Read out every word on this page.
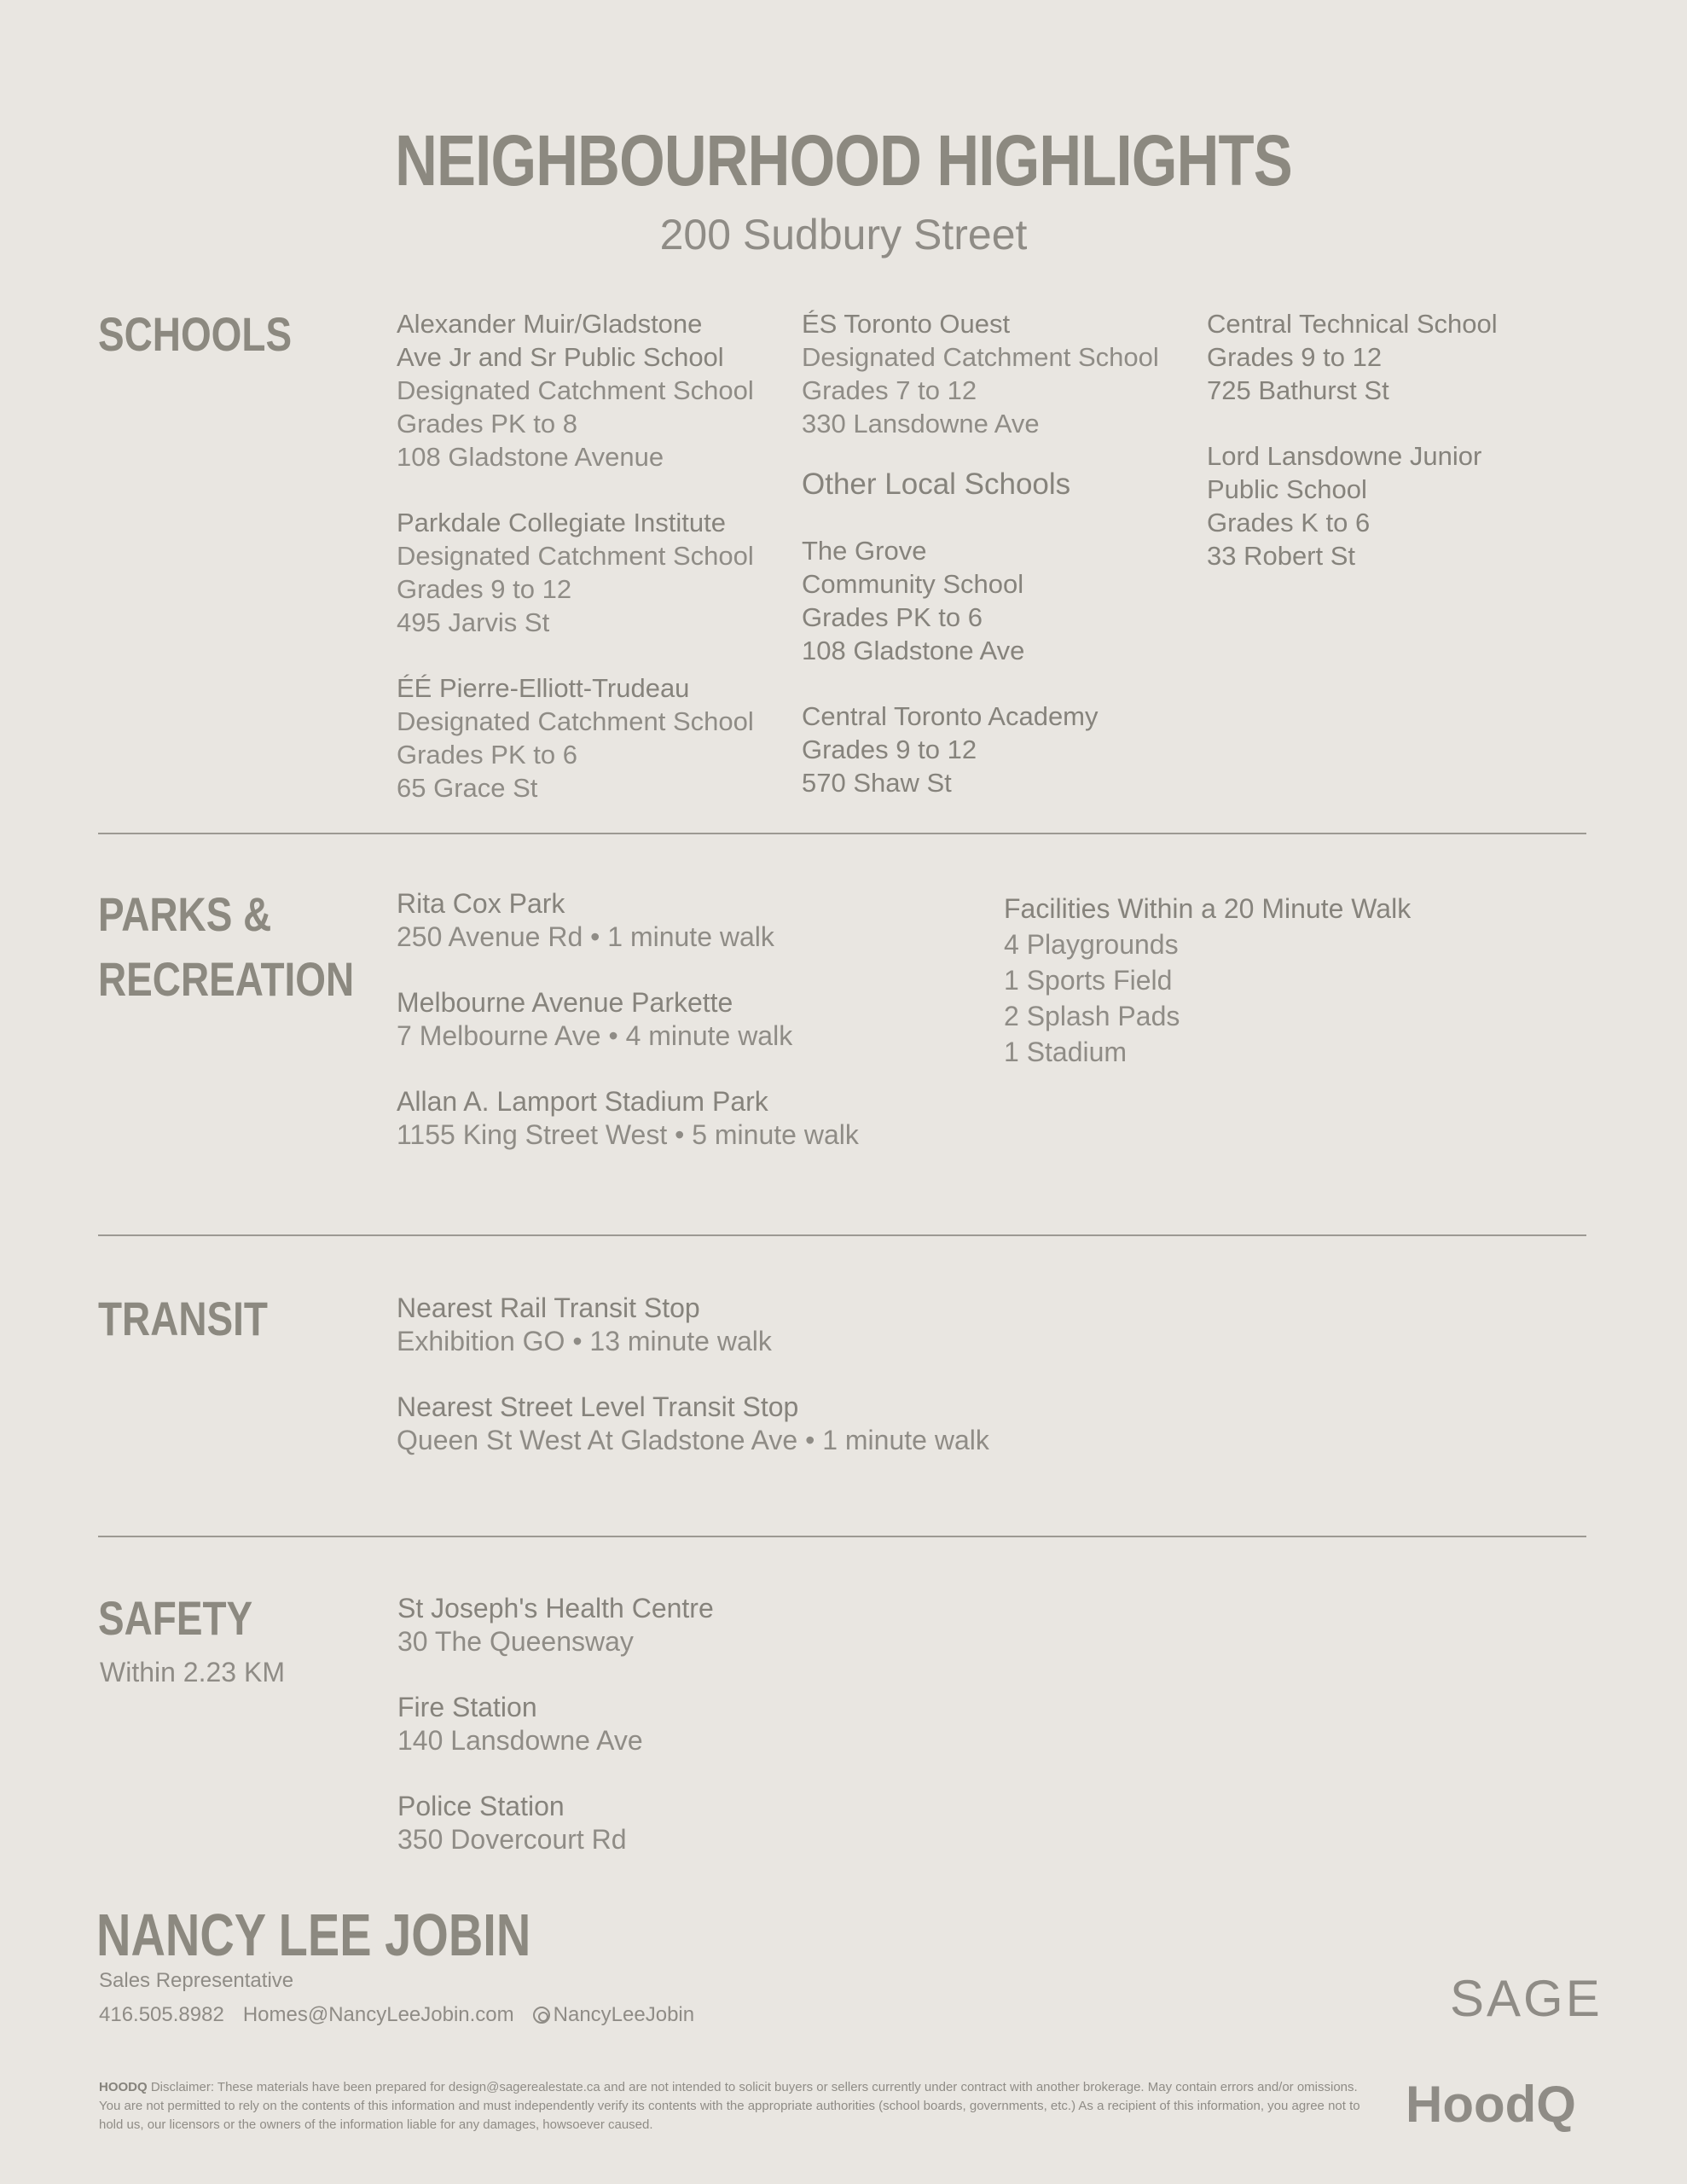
NEIGHBOURHOOD HIGHLIGHTS
200 Sudbury Street
SCHOOLS	Alexander Muir/Gladstone
Ave Jr and Sr Public School
Designated Catchment School
Grades PK to 8
108 Gladstone Avenue
Parkdale Collegiate Institute
Designated Catchment School
Grades 9 to 12
495 Jarvis St
ÉÉ Pierre-Elliott-Trudeau
Designated Catchment School
Grades PK to 6
65 Grace St
ÉS Toronto Ouest
Designated Catchment School
Grades 7 to 12
330 Lansdowne Ave
Other Local Schools
The Grove
Community School
Grades PK to 6
108 Gladstone Ave
Central Toronto Academy
Grades 9 to 12
570 Shaw St
Central Technical School
Grades 9 to 12
725 Bathurst St
Lord Lansdowne Junior
Public School
Grades K to 6
33 Robert St
PARKS &
RECREATION
Rita Cox Park
250 Avenue Rd • 1 minute walk
Melbourne Avenue Parkette
7 Melbourne Ave • 4 minute walk
Allan A. Lamport Stadium Park
1155 King Street West • 5 minute walk
Facilities Within a 20 Minute Walk
4 Playgrounds
1 Sports Field
2 Splash Pads
1 Stadium
TRANSIT	Nearest Rail Transit Stop
Exhibition GO • 13 minute walk
Nearest Street Level Transit Stop
Queen St West At Gladstone Ave • 1 minute walk
SAFETY
Within 2.23 KM
St Joseph's Health Centre
30 The Queensway
Fire Station
140 Lansdowne Ave
Police Station
350 Dovercourt Rd
NANCY LEE JOBIN
Sales Representative
416.505.8982 Homes@NancyLeeJobin.com	NancyLeeJobin	SAGE
HoodQ
HOODQ Disclaimer: These materials have been prepared for design@sagerealestate.ca and are not intended to solicit buyers or sellers currently under contract with another brokerage. May contain errors and/or omissions. You are not permitted to rely on the contents of this information and must independently verify its contents with the appropriate authorities (school boards, governments, etc.) As a recipient of this information, you agree not to hold us, our licensors or the owners of the information liable for any damages, howsoever caused.
